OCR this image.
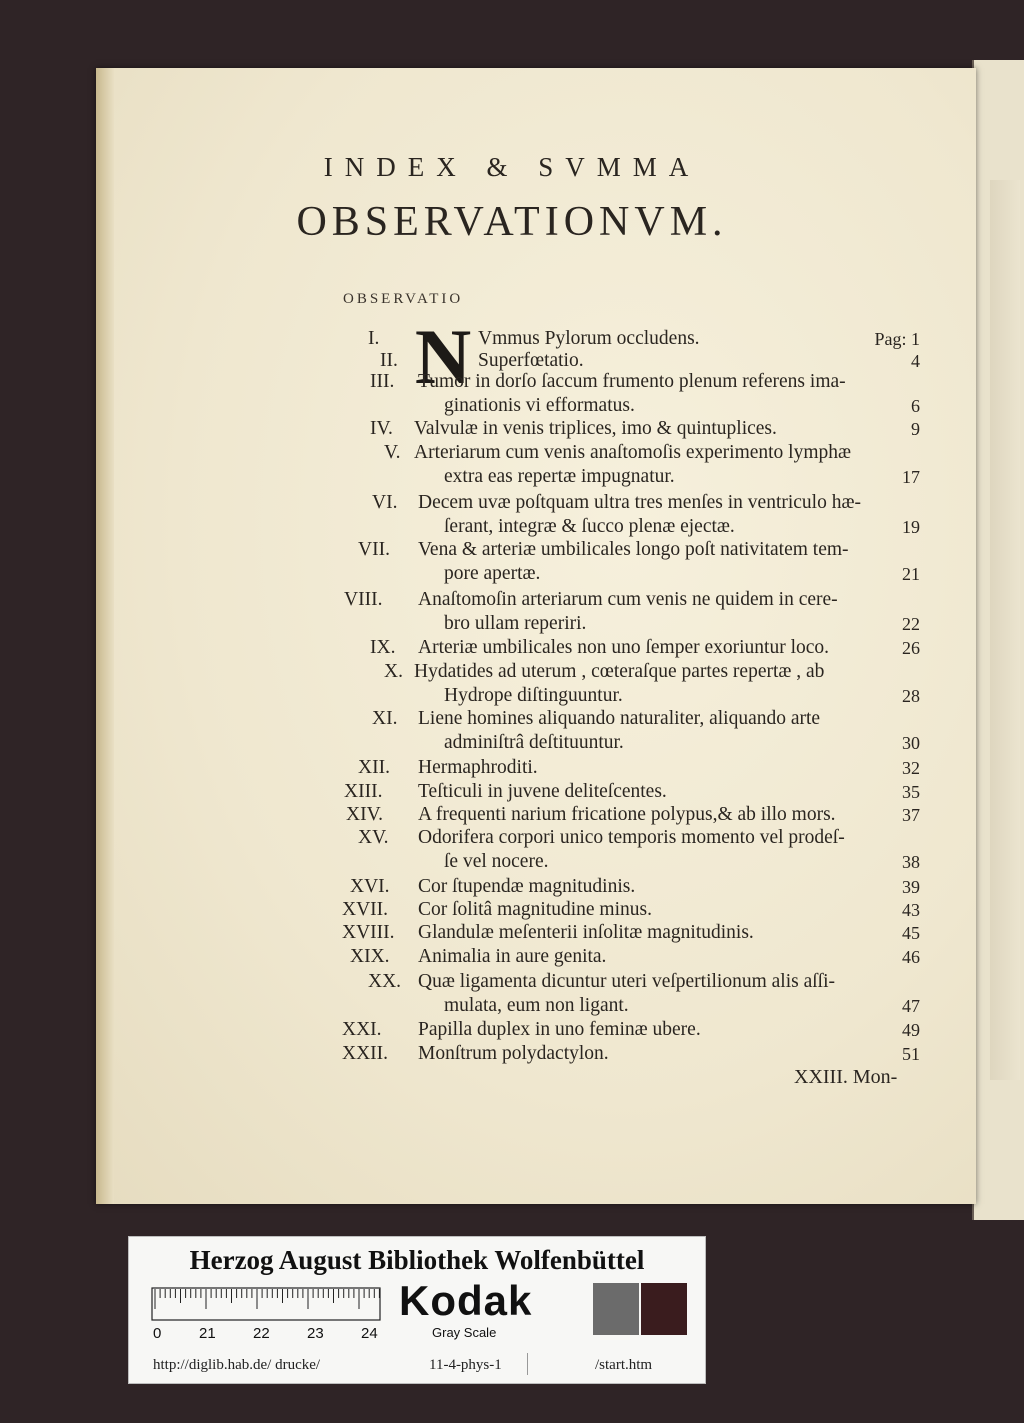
INDEX & SVMMA
OBSERVATIONVM.
OBSERVATIO
N
I.	Vmmus Pylorum occludens.	Pag: 1
II.	Superfœtatio.	4
III. Tumor in dorſo ſaccum frumento plenum referens ima-
ginationis vi efformatus.	6
IV. Valvulæ in venis triplices, imo & quintuplices.	9
V. Arteriarum cum venis anaſtomoſis experimento lymphæ
extra eas repertæ impugnatur.	17
VI. Decem uvæ poſtquam ultra tres menſes in ventriculo hæ-
ſerant, integræ & ſucco plenæ ejectæ.	19
VII. Vena & arteriæ umbilicales longo poſt nativitatem tem-
pore apertæ.	21
VIII. Anaſtomoſin arteriarum cum venis ne quidem in cere-
bro ullam reperiri.	22
IX. Arteriæ umbilicales non uno ſemper exoriuntur loco.	26
X. Hydatides ad uterum , cœteraſque partes repertæ , ab
Hydrope diſtinguuntur.	28
XI. Liene homines aliquando naturaliter, aliquando arte
adminiſtrâ deſtituuntur.	30
XII. Hermaphroditi.	32
XIII. Teſticuli in juvene deliteſcentes.	35
XIV. A frequenti narium fricatione polypus,& ab illo mors.	37
XV. Odorifera corpori unico temporis momento vel prodeſ-
ſe vel nocere.	38
XVI. Cor ſtupendæ magnitudinis.	39
XVII. Cor ſolitâ magnitudine minus.	43
XVIII. Glandulæ meſenterii inſolitæ magnitudinis.	45
XIX. Animalia in aure genita.	46
XX. Quæ ligamenta dicuntur uteri veſpertilionum alis aſſi-
mulata, eum non ligant.	47
XXI. Papilla duplex in uno feminæ ubere.	49
XXII. Monſtrum polydactylon.	51
XXIII. Mon-
Herzog August Bibliothek Wolfenbüttel
0	21 22 23 24
Kodak
Gray Scale
http://diglib.hab.de/ drucke/	11-4-phys-1	/start.htm
